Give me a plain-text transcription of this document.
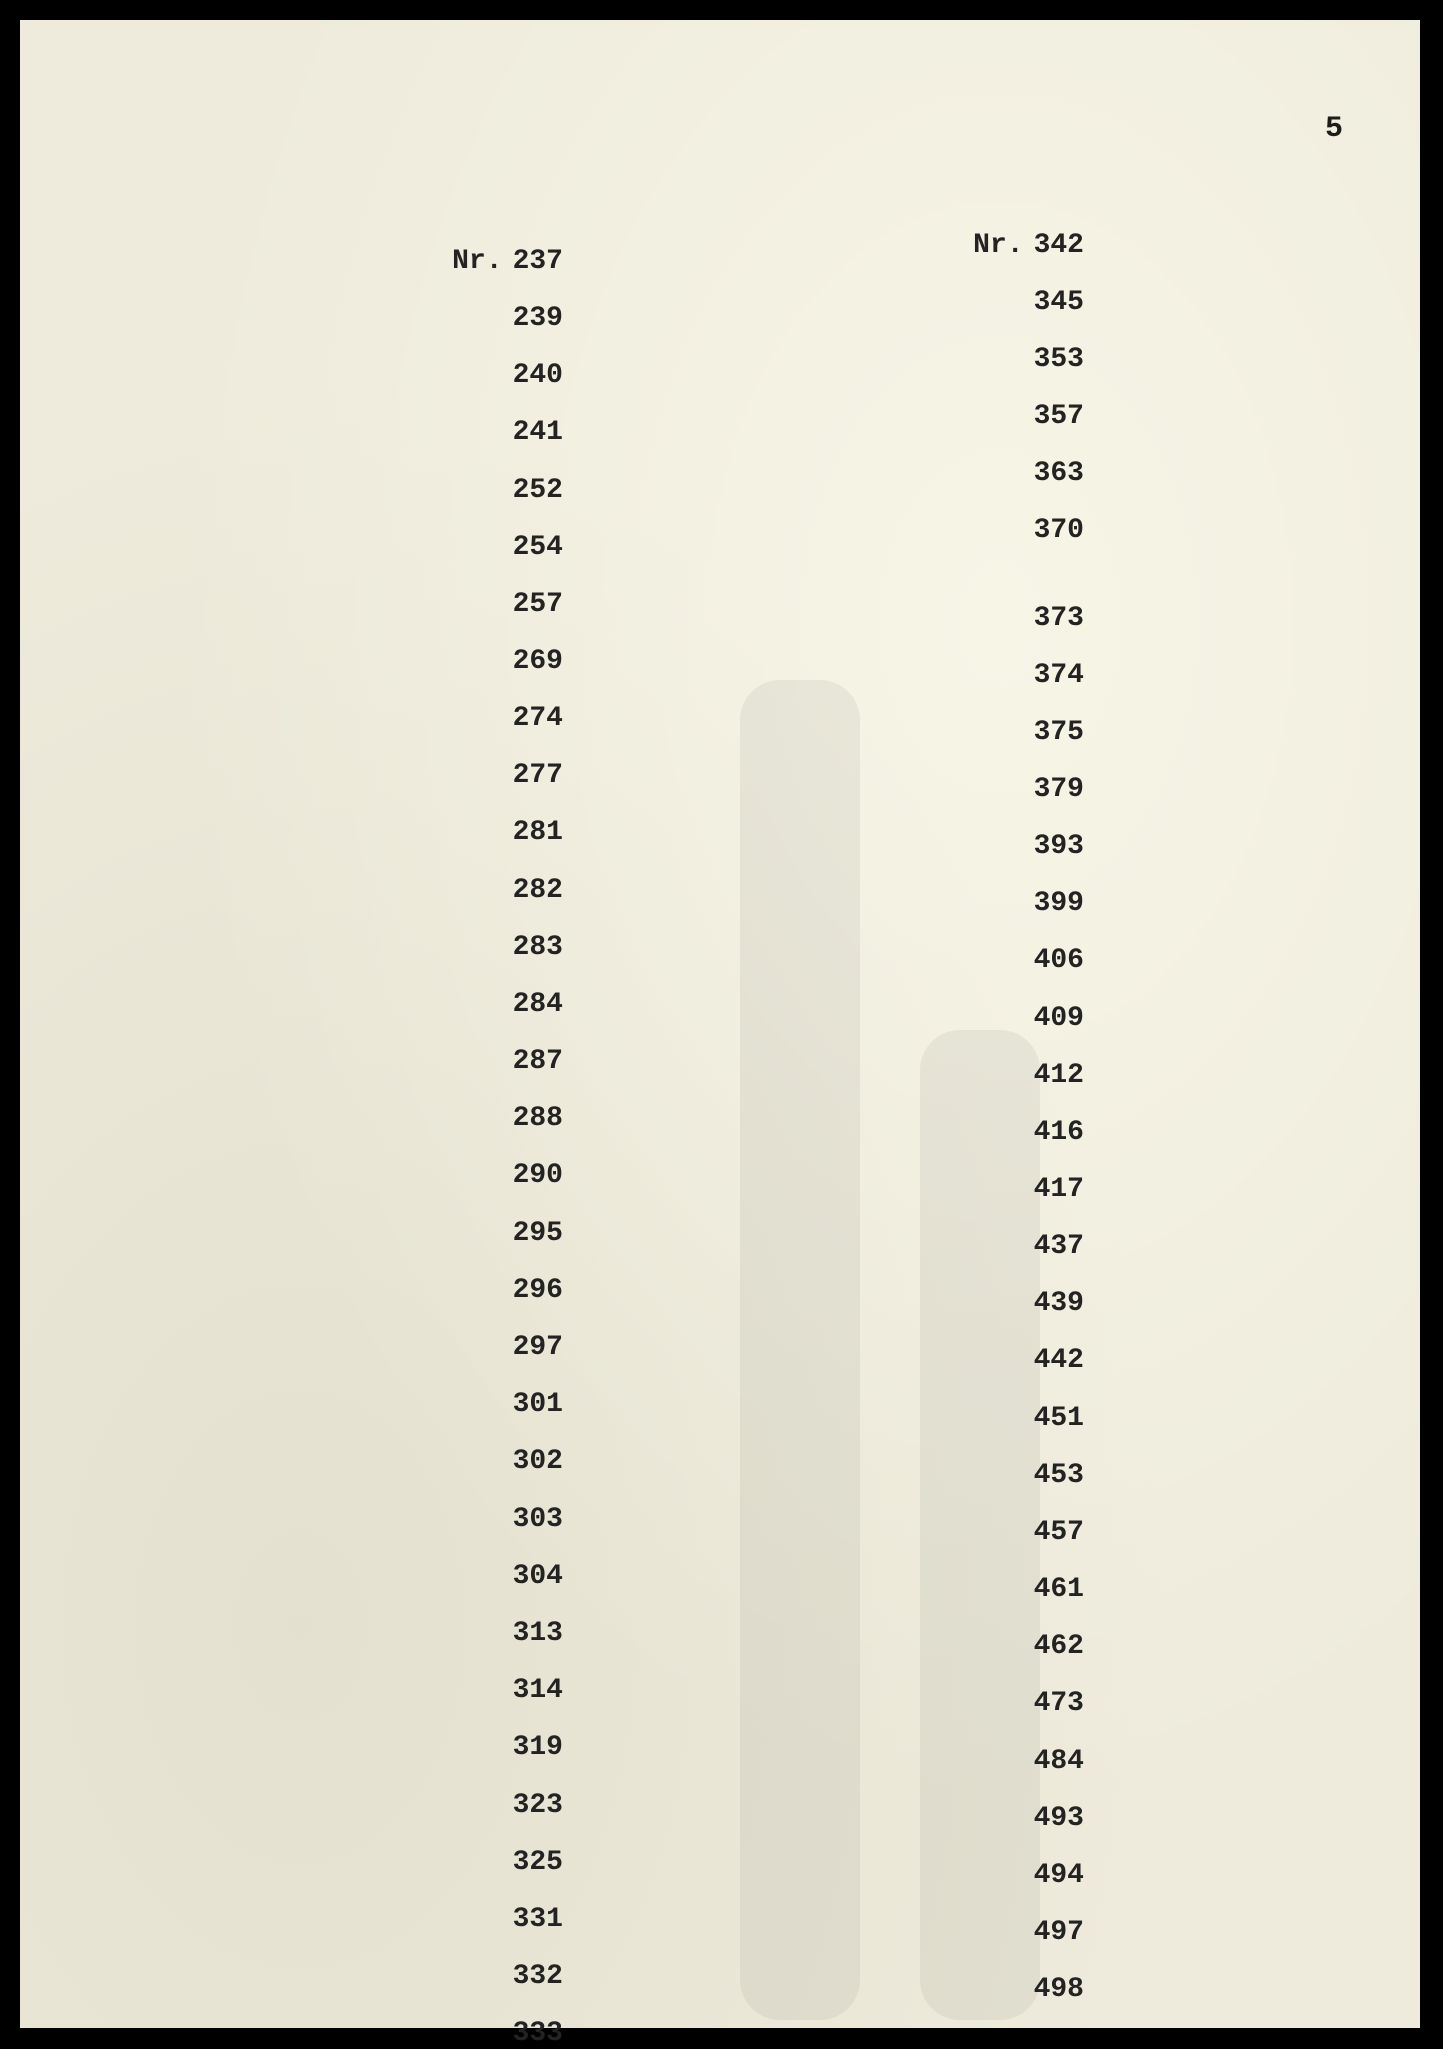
5
Nr. 237
239
240
241
252
254
257
269
274
277
281
282
283
284
287
288
290
295
296
297
301
302
303
304
313
314
319
323
325
331
332
333
Nr. 342
345
353
357
363
370
373
374
375
379
393
399
406
409
412
416
417
437
439
442
451
453
457
461
462
473
484
493
494
497
498
